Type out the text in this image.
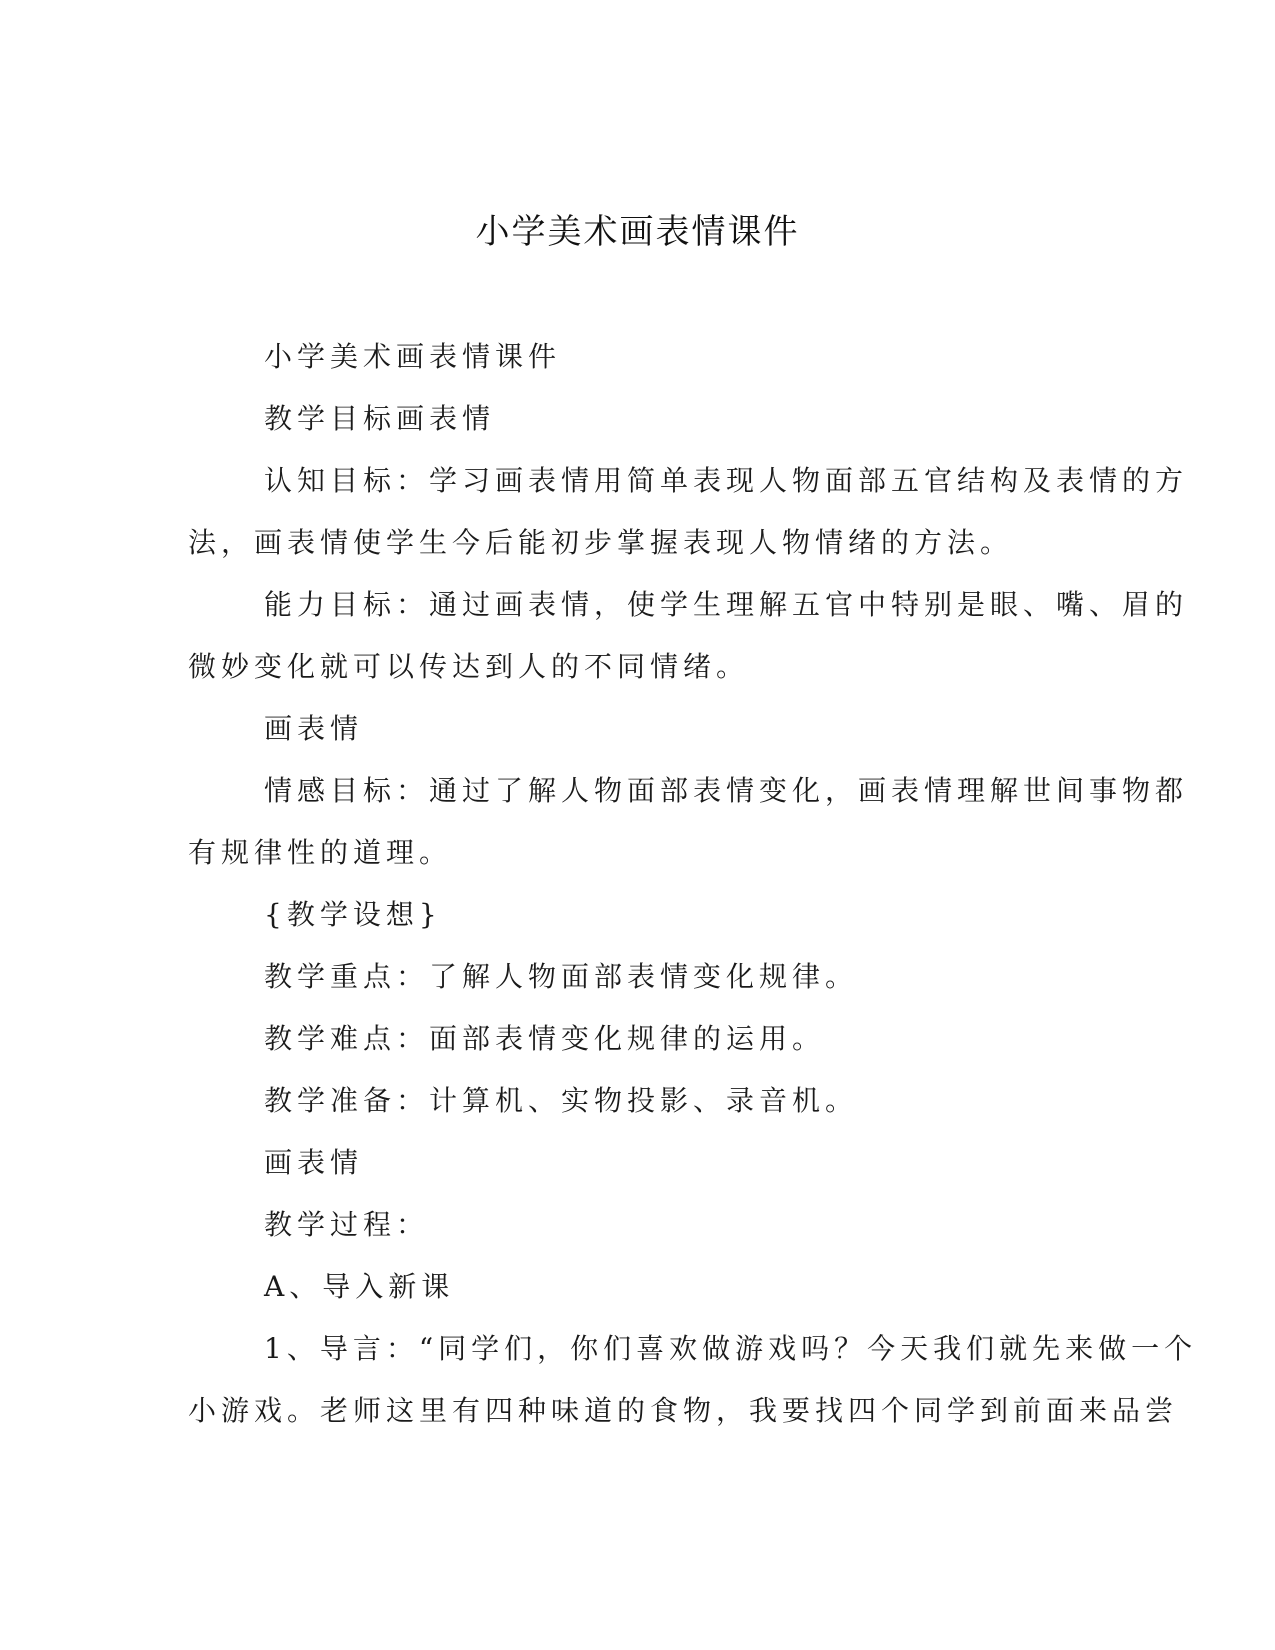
小学美术画表情课件

小学美术画表情课件

教学目标画表情

认知目标：学习画表情用简单表现人物面部五官结构及表情的方

法，画表情使学生今后能初步掌握表现人物情绪的方法。

能力目标：通过画表情，使学生理解五官中特别是眼、嘴、眉的

微妙变化就可以传达到人的不同情绪。

画表情

情感目标：通过了解人物面部表情变化，画表情理解世间事物都

有规律性的道理。

{教学设想}

教学重点：了解人物面部表情变化规律。

教学难点：面部表情变化规律的运用。

教学准备：计算机、实物投影、录音机。

画表情

教学过程：

A、导入新课

1、导言：“同学们，你们喜欢做游戏吗？今天我们就先来做一个

小游戏。老师这里有四种味道的食物，我要找四个同学到前面来品尝
